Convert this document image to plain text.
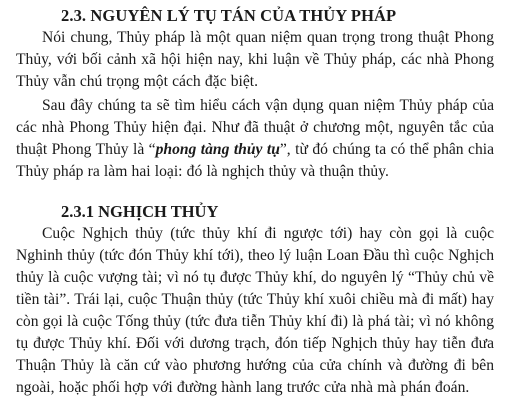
2.3. NGUYÊN LÝ TỤ TÁN CỦA THỦY PHÁP

Nói chung, Thủy pháp là một quan niệm quan trọng trong thuật Phong Thủy, với bối cảnh xã hội hiện nay, khi luận về Thủy pháp, các nhà Phong Thủy vẫn chú trọng một cách đặc biệt.

Sau đây chúng ta sẽ tìm hiểu cách vận dụng quan niệm Thủy pháp của các nhà Phong Thủy hiện đại. Như đã thuật ở chương một, nguyên tắc của thuật Phong Thủy là “phong tàng thủy tụ”, từ đó chúng ta có thể phân chia Thủy pháp ra làm hai loại: đó là nghịch thủy và thuận thủy.

2.3.1 NGHỊCH THỦY

Cuộc Nghịch thủy (tức thủy khí đi ngược tới) hay còn gọi là cuộc Nghinh thủy (tức đón Thủy khí tới), theo lý luận Loan Đầu thì cuộc Nghịch thủy là cuộc vượng tài; vì nó tụ được Thủy khí, do nguyên lý “Thủy chủ về tiền tài”. Trái lại, cuộc Thuận thủy (tức Thủy khí xuôi chiều mà đi mất) hay còn gọi là cuộc Tống thủy (tức đưa tiễn Thủy khí đi) là phá tài; vì nó không tụ được Thủy khí. Đối với dương trạch, đón tiếp Nghịch thủy hay tiễn đưa Thuận Thủy là căn cứ vào phương hướng của cửa chính và đường đi bên ngoài, hoặc phối hợp với đường hành lang trước cửa nhà mà phán đoán.
